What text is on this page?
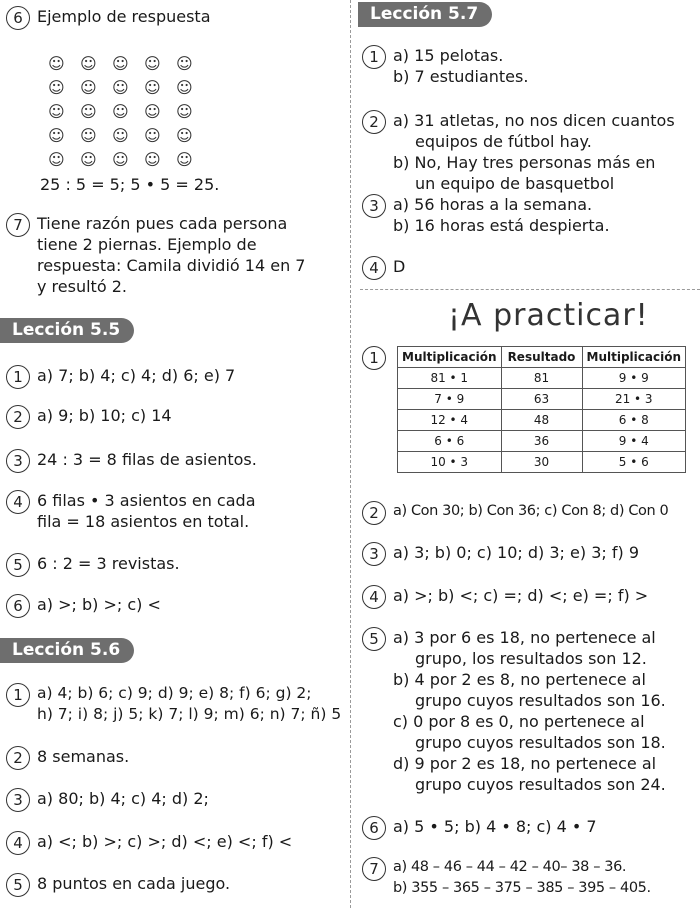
6 Ejemplo de respuesta
☺ ☺ ☺ ☺ ☺
☺ ☺ ☺ ☺ ☺
☺ ☺ ☺ ☺ ☺
☺ ☺ ☺ ☺ ☺
☺ ☺ ☺ ☺ ☺
25 : 5 = 5; 5 • 5 = 25.
7 Tiene razón pues cada persona
tiene 2 piernas. Ejemplo de
respuesta: Camila dividió 14 en 7
y resultó 2.
Lección 5.5
1 a) 7; b) 4; c) 4; d) 6; e) 7
2 a) 9; b) 10; c) 14
3 24 : 3 = 8 filas de asientos.
4 6 filas • 3 asientos en cada
fila = 18 asientos en total.
5 6 : 2 = 3 revistas.
6 a) >; b) >; c) <
Lección 5.6
1 a) 4; b) 6; c) 9; d) 9; e) 8; f) 6; g) 2;
h) 7; i) 8; j) 5; k) 7; l) 9; m) 6; n) 7; ñ) 5
2 8 semanas.
3 a) 80; b) 4; c) 4; d) 2;
4 a) <; b) >; c) >; d) <; e) <; f) <
5 8 puntos en cada juego.
Lección 5.7
1 a) 15 pelotas.
b) 7 estudiantes.
2 a) 31 atletas, no nos dicen cuantos
equipos de fútbol hay.
b) No, Hay tres personas más en
un equipo de basquetbol
3 a) 56 horas a la semana.
b) 16 horas está despierta.
4 D
¡A practicar!
1	Multiplicación	Resultado	Multiplicación
81 • 1	81	9 • 9
7 • 9	63	21 • 3
12 • 4	48	6 • 8
6 • 6	36	9 • 4
10 • 3	30	5 • 6
2 a) Con 30; b) Con 36; c) Con 8; d) Con 0
3 a) 3; b) 0; c) 10; d) 3; e) 3; f) 9
4 a) >; b) <; c) =; d) <; e) =; f) >
5 a) 3 por 6 es 18, no pertenece al
grupo, los resultados son 12.
b) 4 por 2 es 8, no pertenece al
grupo cuyos resultados son 16.
c) 0 por 8 es 0, no pertenece al
grupo cuyos resultados son 18.
d) 9 por 2 es 18, no pertenece al
grupo cuyos resultados son 24.
6 a) 5 • 5; b) 4 • 8; c) 4 • 7
7 a) 48 – 46 – 44 – 42 – 40– 38 – 36.
b) 355 – 365 – 375 – 385 – 395 – 405.
